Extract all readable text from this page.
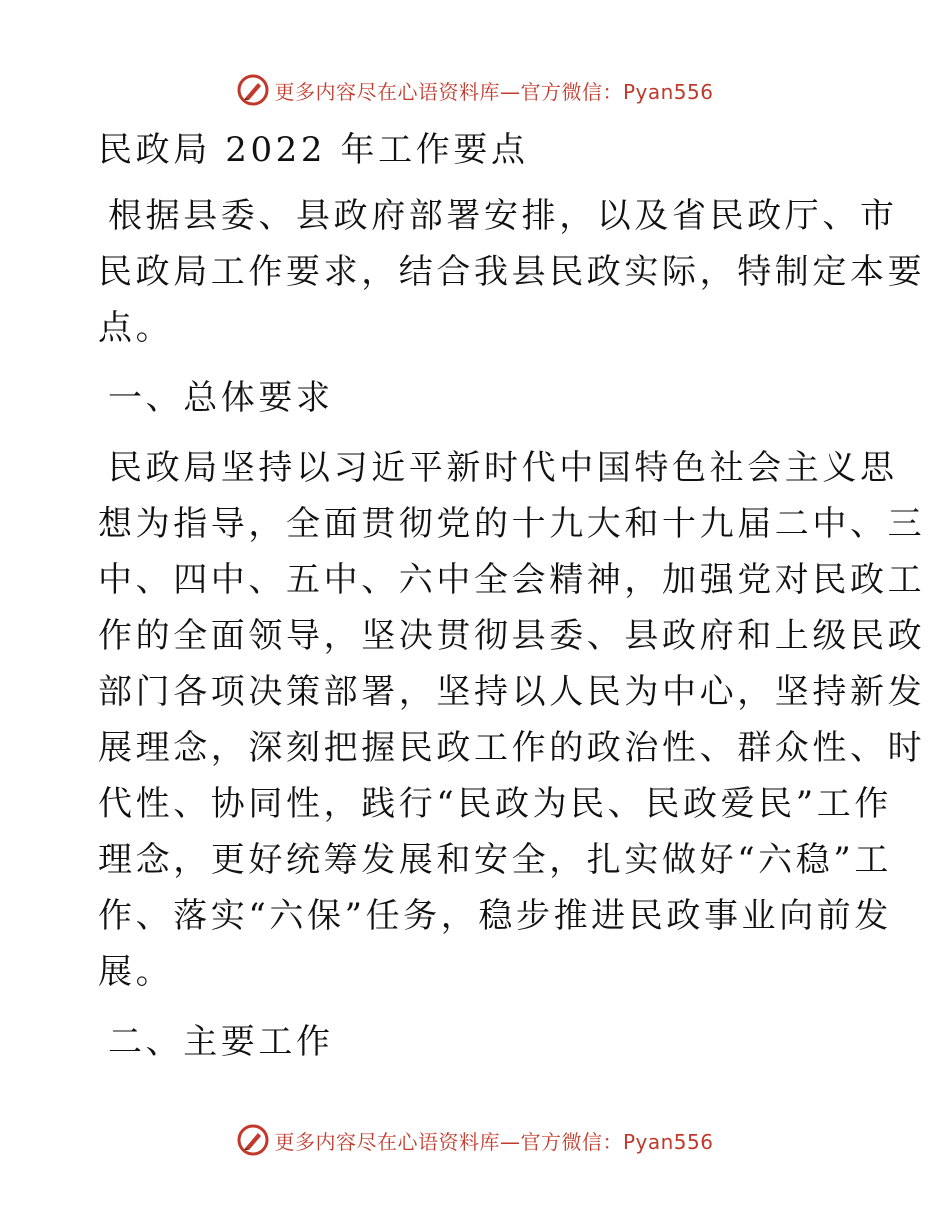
更多内容尽在心语资料库—官方微信：Pyan556

民政局 2022 年工作要点

根据县委、县政府部署安排，以及省民政厅、市

民政局工作要求，结合我县民政实际，特制定本要

点。

一、总体要求

民政局坚持以习近平新时代中国特色社会主义思

想为指导，全面贯彻党的十九大和十九届二中、三

中、四中、五中、六中全会精神，加强党对民政工

作的全面领导，坚决贯彻县委、县政府和上级民政

部门各项决策部署，坚持以人民为中心，坚持新发

展理念，深刻把握民政工作的政治性、群众性、时

代性、协同性，践行“民政为民、民政爱民”工作

理念，更好统筹发展和安全，扎实做好“六稳”工

作、落实“六保”任务，稳步推进民政事业向前发

展。

二、主要工作

更多内容尽在心语资料库—官方微信：Pyan556
